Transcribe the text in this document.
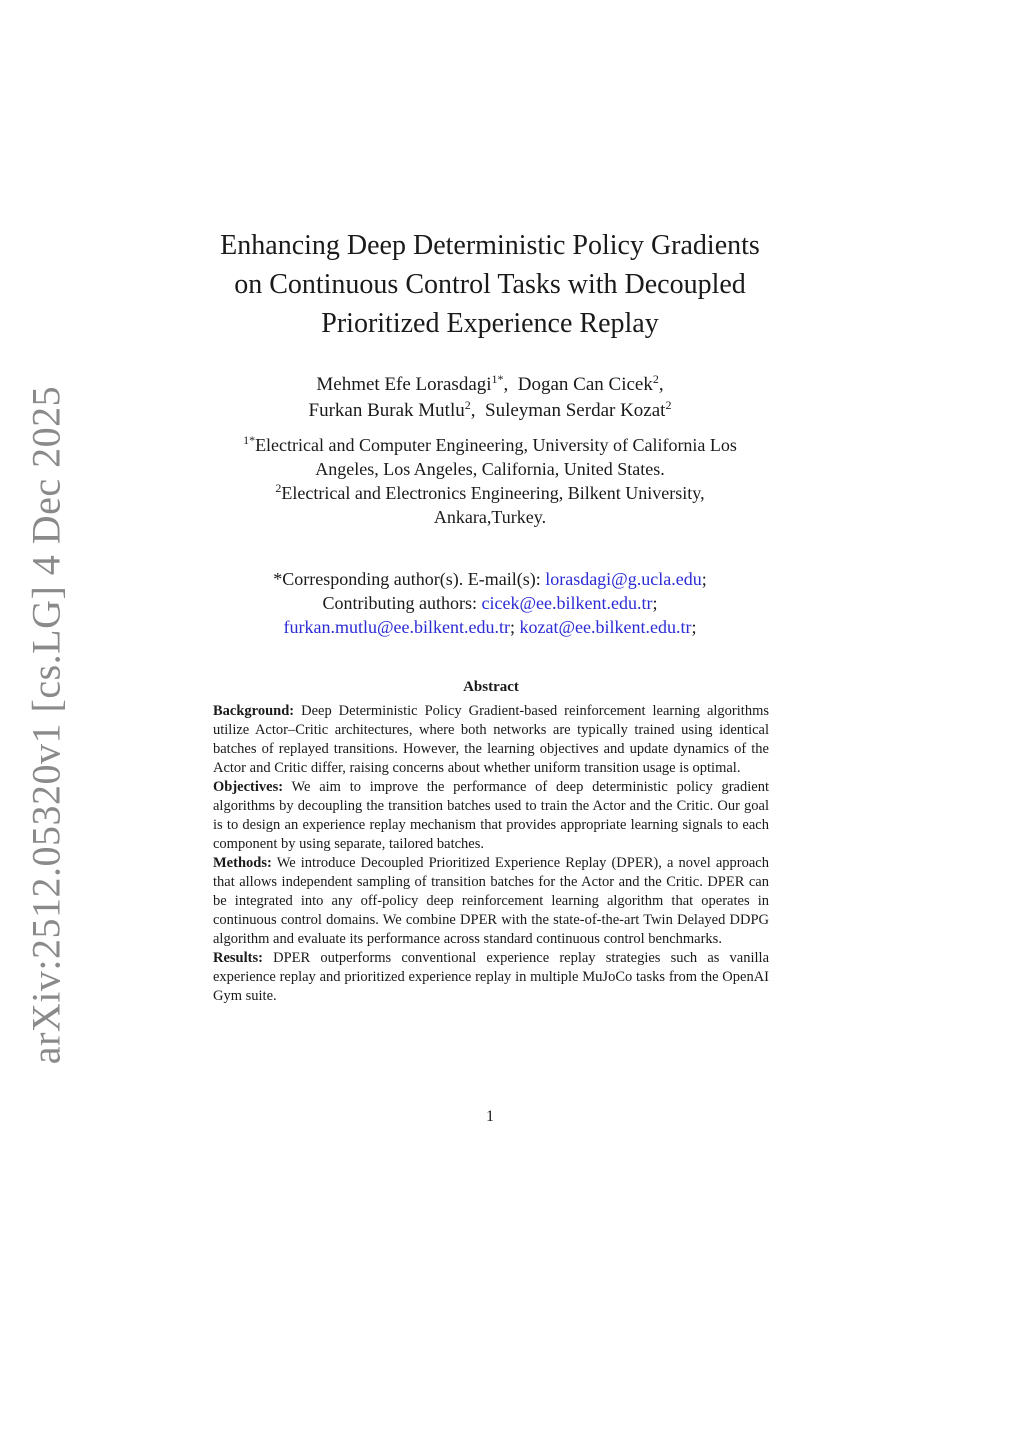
arXiv:2512.05320v1 [cs.LG] 4 Dec 2025
Enhancing Deep Deterministic Policy Gradients
on Continuous Control Tasks with Decoupled
Prioritized Experience Replay
Mehmet Efe Lorasdagi$^{1*}$,  Dogan Can Cicek$^2$,
Furkan Burak Mutlu$^2$,  Suleyman Serdar Kozat$^2$
$^{1*}$Electrical and Computer Engineering, University of California Los
Angeles, Los Angeles, California, United States.
$^2$Electrical and Electronics Engineering, Bilkent University,
Ankara,Turkey.
*Corresponding author(s). E-mail(s): lorasdagi@g.ucla.edu;
Contributing authors: cicek@ee.bilkent.edu.tr;
furkan.mutlu@ee.bilkent.edu.tr; kozat@ee.bilkent.edu.tr;
Abstract

Background: Deep Deterministic Policy Gradient-based reinforcement learning algorithms utilize Actor–Critic architectures, where both networks are typically trained using identical batches of replayed transitions. However, the learning objectives and update dynamics of the Actor and Critic differ, raising concerns about whether uniform transition usage is optimal.

Objectives: We aim to improve the performance of deep deterministic policy gradient algorithms by decoupling the transition batches used to train the Actor and the Critic. Our goal is to design an experience replay mechanism that provides appropriate learning signals to each component by using separate, tailored batches.

Methods: We introduce Decoupled Prioritized Experience Replay (DPER), a novel approach that allows independent sampling of transition batches for the Actor and the Critic. DPER can be integrated into any off-policy deep reinforcement learning algorithm that operates in continuous control domains. We combine DPER with the state-of-the-art Twin Delayed DDPG algorithm and evaluate its performance across standard continuous control benchmarks.

Results: DPER outperforms conventional experience replay strategies such as vanilla experience replay and prioritized experience replay in multiple MuJoCo tasks from the OpenAI Gym suite.

1
